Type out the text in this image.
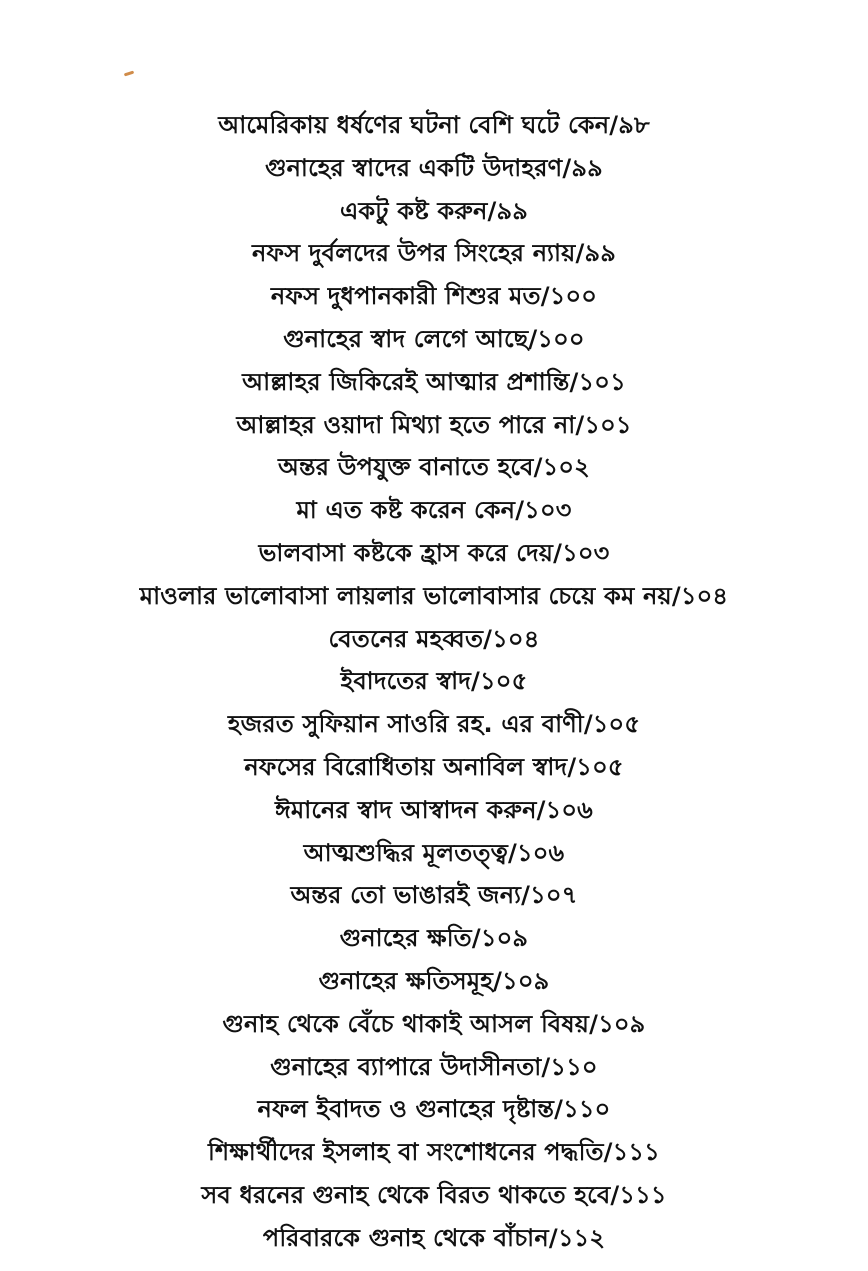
আমেরিকায় ধর্ষণের ঘটনা বেশি ঘটে কেন/৯৮
গুনাহের স্বাদের একটি উদাহরণ/৯৯
একটু কষ্ট করুন/৯৯
নফস দুর্বলদের উপর সিংহের ন্যায়/৯৯
নফস দুধপানকারী শিশুর মত/১০০
গুনাহের স্বাদ লেগে আছে/১০০
আল্লাহর জিকিরেই আত্মার প্রশান্তি/১০১
আল্লাহর ওয়াদা মিথ্যা হতে পারে না/১০১
অন্তর উপযুক্ত বানাতে হবে/১০২
মা এত কষ্ট করেন কেন/১০৩
ভালবাসা কষ্টকে হ্রাস করে দেয়/১০৩
মাওলার ভালোবাসা লায়লার ভালোবাসার চেয়ে কম নয়/১০৪
বেতনের মহব্বত/১০৪
ইবাদতের স্বাদ/১০৫
হজরত সুফিয়ান সাওরি রহ. এর বাণী/১০৫
নফসের বিরোধিতায় অনাবিল স্বাদ/১০৫
ঈমানের স্বাদ আস্বাদন করুন/১০৬
আত্মশুদ্ধির মূলতত্ত্ব/১০৬
অন্তর তো ভাঙারই জন্য/১০৭
গুনাহের ক্ষতি/১০৯
গুনাহের ক্ষতিসমূহ/১০৯
গুনাহ থেকে বেঁচে থাকাই আসল বিষয়/১০৯
গুনাহের ব্যাপারে উদাসীনতা/১১০
নফল ইবাদত ও গুনাহের দৃষ্টান্ত/১১০
শিক্ষার্থীদের ইসলাহ বা সংশোধনের পদ্ধতি/১১১
সব ধরনের গুনাহ থেকে বিরত থাকতে হবে/১১১
পরিবারকে গুনাহ থেকে বাঁচান/১১২
